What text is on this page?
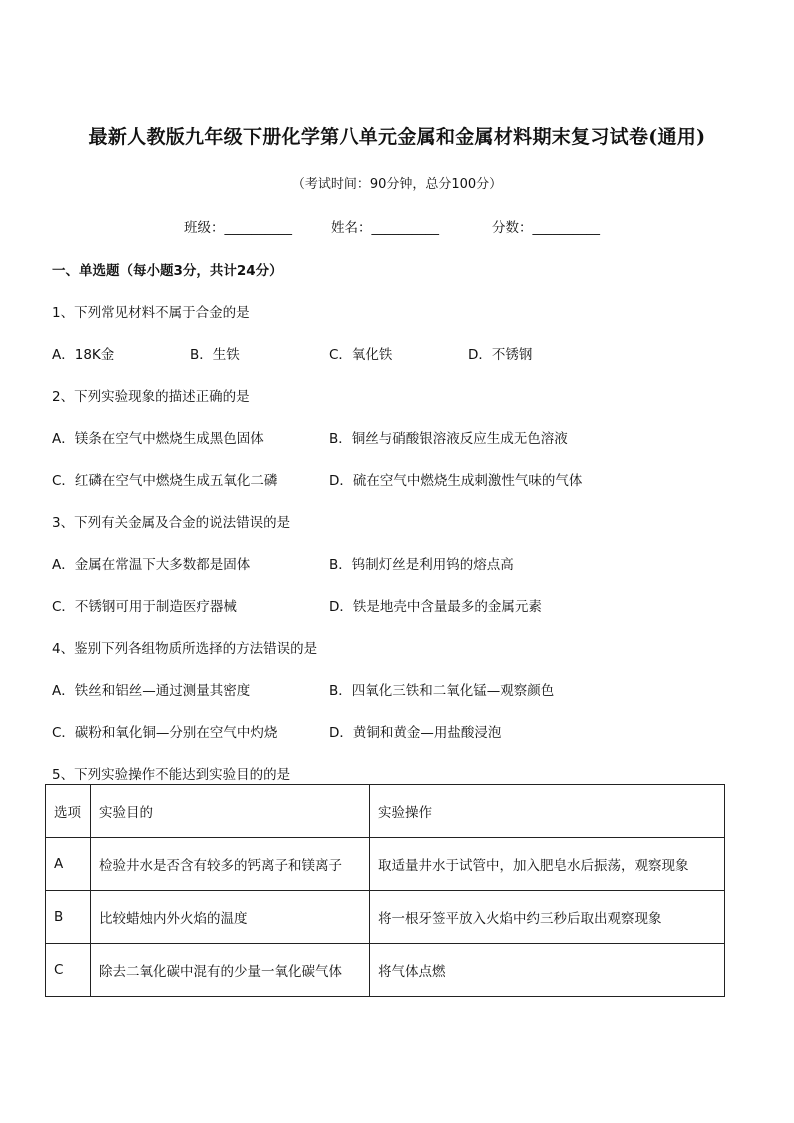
最新人教版九年级下册化学第八单元金属和金属材料期末复习试卷(通用)
（考试时间：90分钟，总分100分）
班级：__________	姓名：__________	分数：__________
一、单选题（每小题3分，共计24分）
1、下列常见材料不属于合金的是
A．18K金	B．生铁	C．氧化铁	D．不锈钢
2、下列实验现象的描述正确的是
A．镁条在空气中燃烧生成黑色固体	B．铜丝与硝酸银溶液反应生成无色溶液
C．红磷在空气中燃烧生成五氧化二磷	D．硫在空气中燃烧生成刺激性气味的气体
3、下列有关金属及合金的说法错误的是
A．金属在常温下大多数都是固体	B．钨制灯丝是利用钨的熔点高
C．不锈钢可用于制造医疗器械	D．铁是地壳中含量最多的金属元素
4、鉴别下列各组物质所选择的方法错误的是
A．铁丝和铝丝—通过测量其密度	B．四氧化三铁和二氧化锰—观察颜色
C．碳粉和氧化铜—分别在空气中灼烧	D．黄铜和黄金—用盐酸浸泡
5、下列实验操作不能达到实验目的的是
选项	实验目的	实验操作
A	检验井水是否含有较多的钙离子和镁离子	取适量井水于试管中，加入肥皂水后振荡，观察现象
B	比较蜡烛内外火焰的温度	将一根牙签平放入火焰中约三秒后取出观察现象
C	除去二氧化碳中混有的少量一氧化碳气体	将气体点燃
